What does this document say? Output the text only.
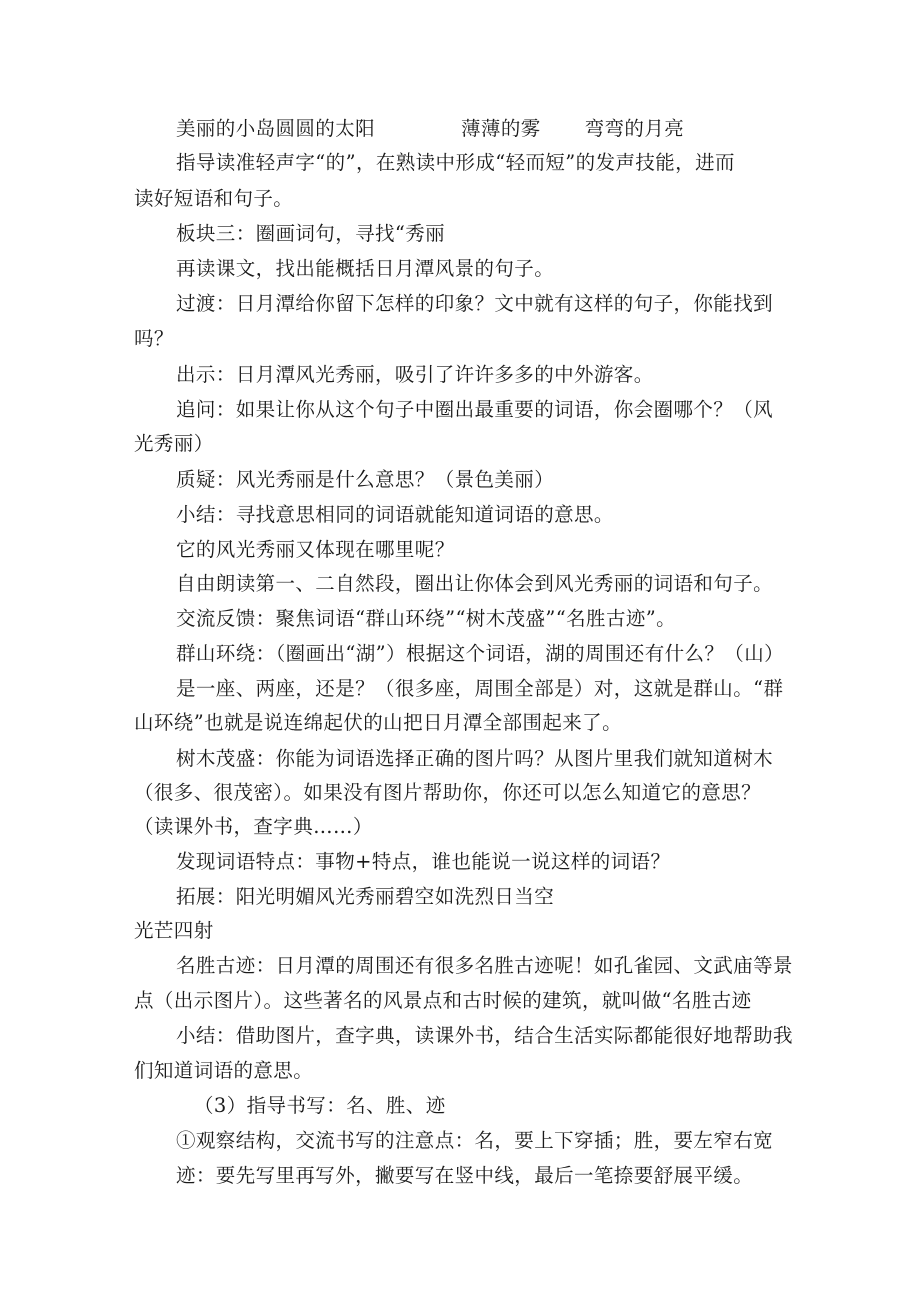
美丽的小岛圆圆的太阳	薄薄的雾 弯弯的月亮
指导读准轻声字“的”，在熟读中形成“轻而短”的发声技能，进而
读好短语和句子。
板块三：圈画词句，寻找“秀丽
再读课文，找出能概括日月潭风景的句子。
过渡：日月潭给你留下怎样的印象？文中就有这样的句子，你能找到
吗？
出示：日月潭风光秀丽，吸引了许许多多的中外游客。
追问：如果让你从这个句子中圈出最重要的词语，你会圈哪个？（风
光秀丽）
质疑：风光秀丽是什么意思？（景色美丽）
小结：寻找意思相同的词语就能知道词语的意思。
它的风光秀丽又体现在哪里呢？
自由朗读第一、二自然段，圈出让你体会到风光秀丽的词语和句子。
交流反馈：聚焦词语“群山环绕”“树木茂盛”“名胜古迹”。
群山环绕：（圈画出“湖”）根据这个词语，湖的周围还有什么？（山）
是一座、两座，还是？（很多座，周围全部是）对，这就是群山。“群
山环绕”也就是说连绵起伏的山把日月潭全部围起来了。
树木茂盛：你能为词语选择正确的图片吗？从图片里我们就知道树木
（很多、很茂密）。如果没有图片帮助你，你还可以怎么知道它的意思？
（读课外书，查字典……）
发现词语特点：事物+特点，谁也能说一说这样的词语？
拓展：阳光明媚风光秀丽碧空如洗烈日当空
光芒四射
名胜古迹：日月潭的周围还有很多名胜古迹呢！如孔雀园、文武庙等景
点（出示图片）。这些著名的风景点和古时候的建筑，就叫做“名胜古迹
小结：借助图片，查字典，读课外书，结合生活实际都能很好地帮助我
们知道词语的意思。
（3）指导书写：名、胜、迹
①观察结构，交流书写的注意点：名，要上下穿插；胜，要左窄右宽
迹：要先写里再写外，撇要写在竖中线，最后一笔捺要舒展平缓。
